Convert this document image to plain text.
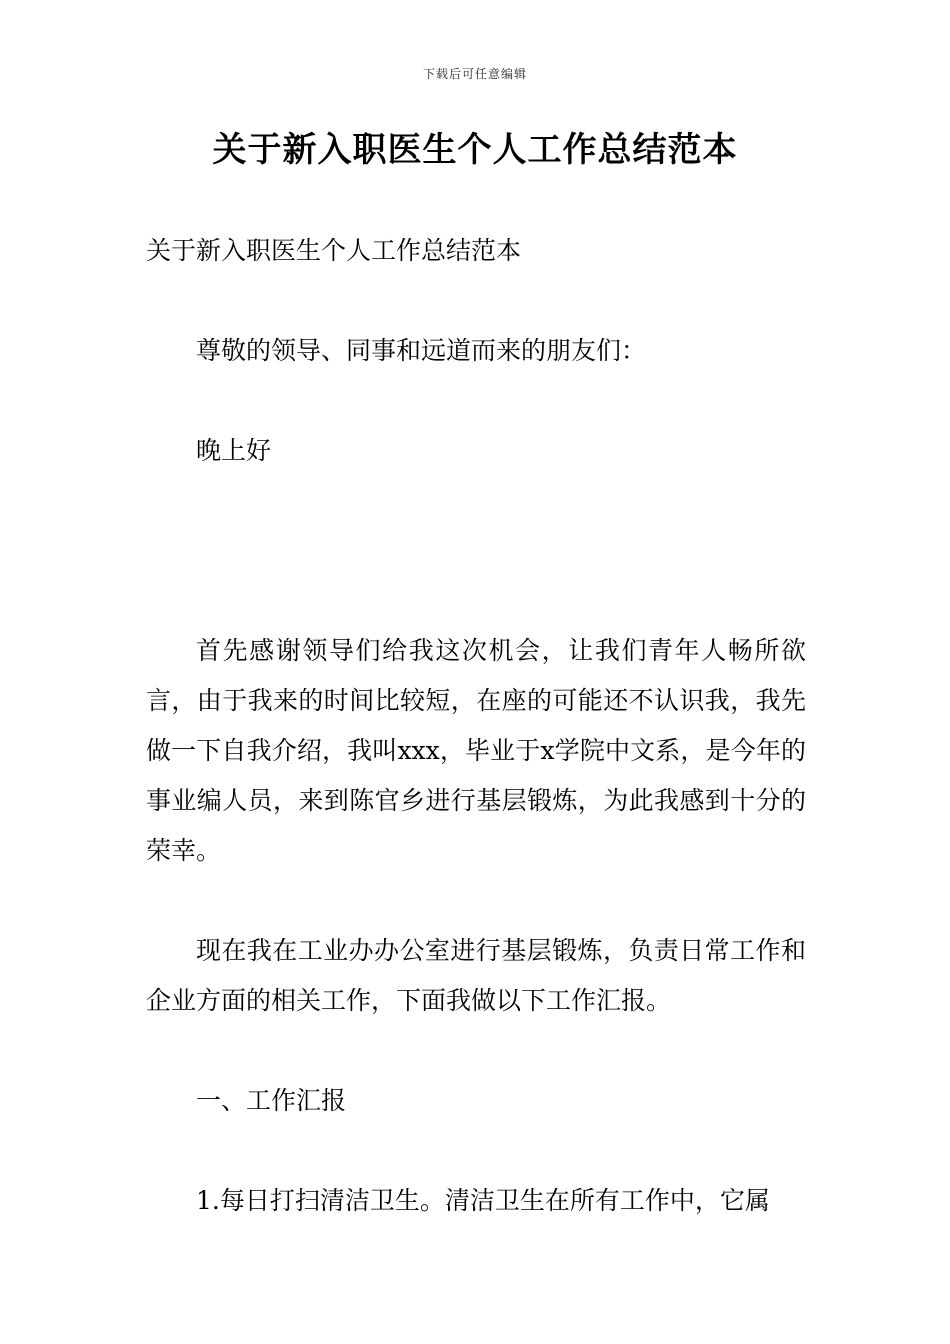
下载后可任意编辑
关于新入职医生个人工作总结范本

关于新入职医生个人工作总结范本

尊敬的领导、同事和远道而来的朋友们：

晚上好

首先感谢领导们给我这次机会，让我们青年人畅所欲言，由于我来的时间比较短，在座的可能还不认识我，我先做一下自我介绍，我叫xxx，毕业于x学院中文系，是今年的事业编人员，来到陈官乡进行基层锻炼，为此我感到十分的荣幸。

现在我在工业办办公室进行基层锻炼，负责日常工作和企业方面的相关工作，下面我做以下工作汇报。

一、工作汇报

1.每日打扫清洁卫生。清洁卫生在所有工作中，它属
